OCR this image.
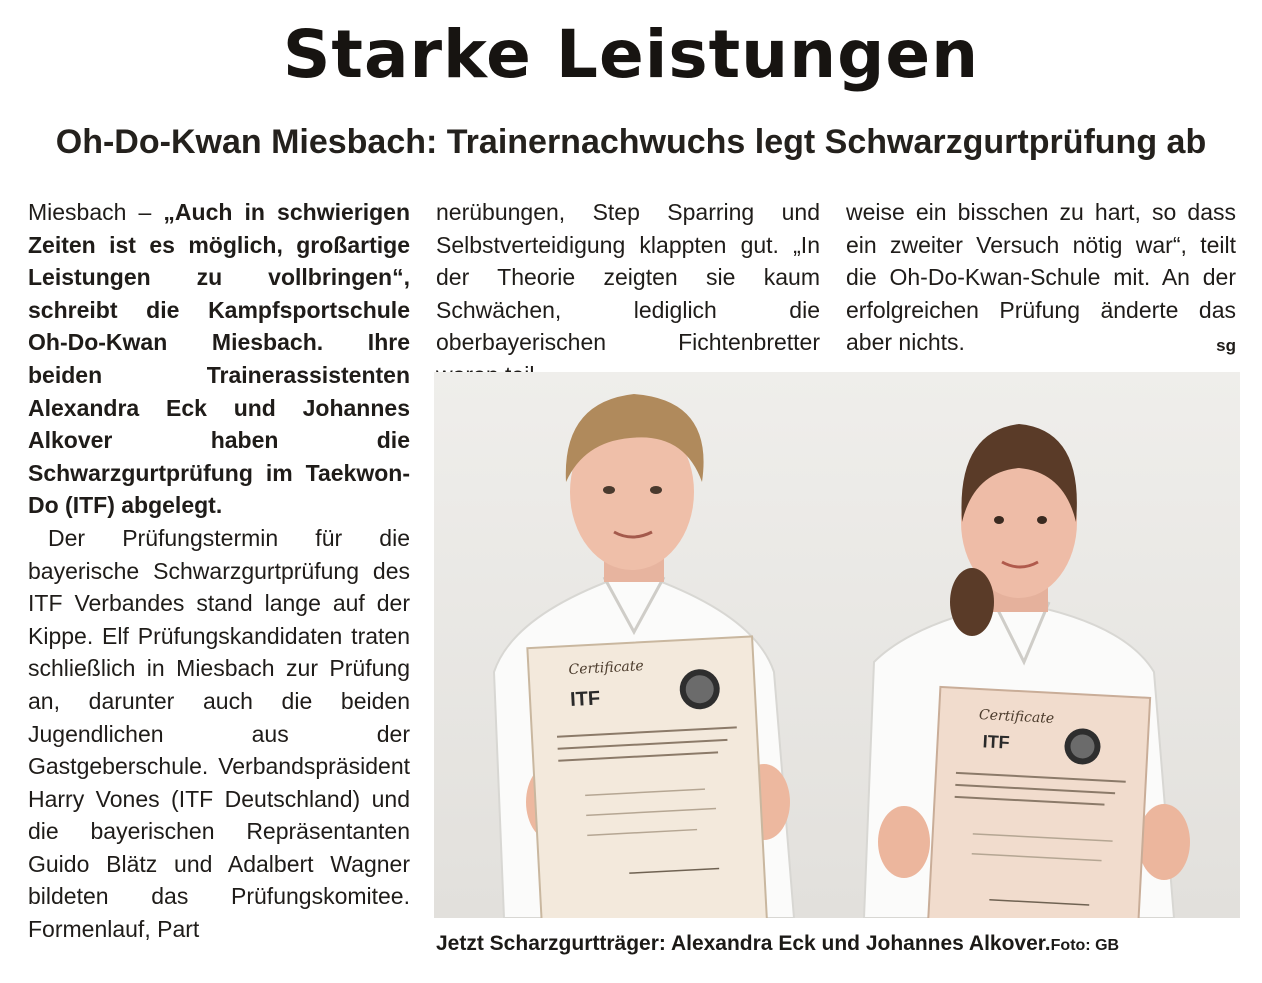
Starke Leistungen
Oh-Do-Kwan Miesbach: Trainernachwuchs legt Schwarzgurtprüfung ab

Miesbach – „Auch in schwierigen Zeiten ist es möglich, großartige Leistungen zu vollbringen“, schreibt die Kampfsportschule Oh-Do-Kwan Miesbach. Ihre beiden Trainerassistenten Alexandra Eck und Johannes Alkover haben die Schwarzgurtprüfung im Taekwon-Do (ITF) abgelegt.

Der Prüfungstermin für die bayerische Schwarzgurtprüfung des ITF Verbandes stand lange auf der Kippe. Elf Prüfungskandidaten traten schließlich in Miesbach zur Prüfung an, darunter auch die beiden Jugendlichen aus der Gastgeberschule. Verbandspräsident Harry Vones (ITF Deutschland) und die bayerischen Repräsentanten Guido Blätz und Adalbert Wagner bildeten das Prüfungskomitee. Formenlauf, Part

nerübungen, Step Sparring und Selbstverteidigung klappten gut. „In der Theorie zeigten sie kaum Schwächen, lediglich die oberbayerischen Fichtenbretter

weise ein bisschen zu hart, so dass ein zweiter Versuch nötig war“, teilt die Oh-Do-Kwan-Schule mit. An der erfolgreichen Prüfung änderte das aber nichts.	sg

Certificate
ITF
Certificate
ITF
Jetzt Scharzgurtträger: Alexandra Eck und Johannes Alkover.Foto: GB
